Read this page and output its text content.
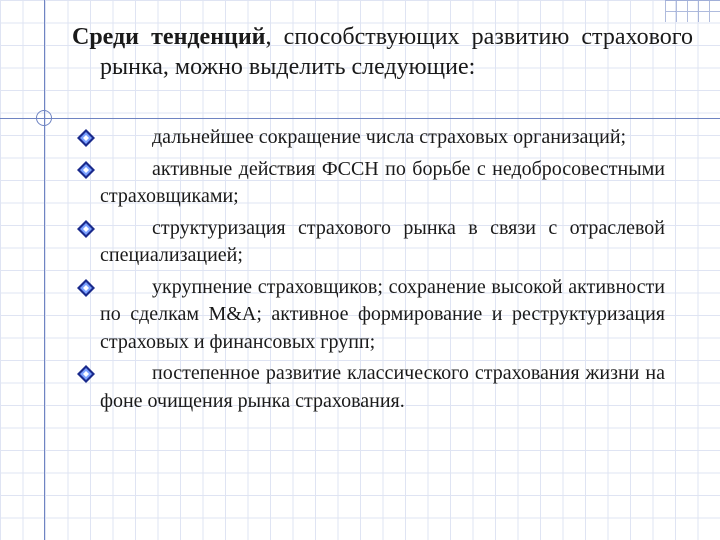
Среди тенденций, способствующих развитию страхового рынка, можно выделить следующие:
дальнейшее сокращение числа страховых организаций;
активные действия ФССН по борьбе с недобросовестными страховщиками;
структуризация страхового рынка в связи с отраслевой специализацией;
укрупнение страховщиков; сохранение высокой активности по сделкам М&A; активное формирование и реструктуризация страховых и финансовых групп;
постепенное развитие классического страхования жизни на фоне очищения рынка страхования.
